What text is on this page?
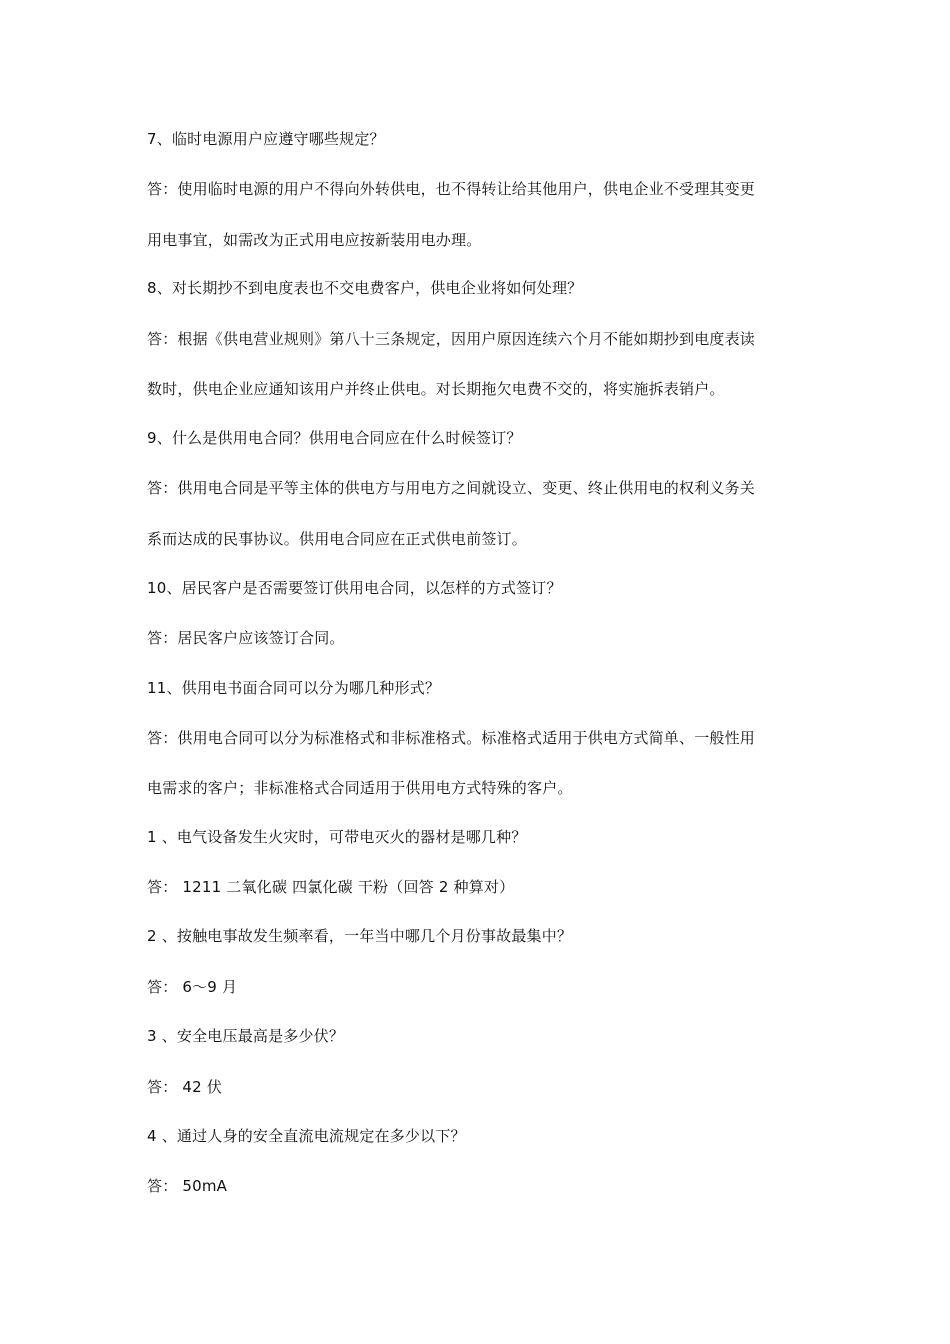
7、临时电源用户应遵守哪些规定？
答：使用临时电源的用户不得向外转供电，也不得转让给其他用户，供电企业不受理其变更
用电事宜，如需改为正式用电应按新装用电办理。
8、对长期抄不到电度表也不交电费客户，供电企业将如何处理？
答：根据《供电营业规则》第八十三条规定，因用户原因连续六个月不能如期抄到电度表读
数时，供电企业应通知该用户并终止供电。对长期拖欠电费不交的，将实施拆表销户。
9、什么是供用电合同？供用电合同应在什么时候签订？
答：供用电合同是平等主体的供电方与用电方之间就设立、变更、终止供用电的权利义务关
系而达成的民事协议。供用电合同应在正式供电前签订。
10、居民客户是否需要签订供用电合同，以怎样的方式签订？
答：居民客户应该签订合同。
11、供用电书面合同可以分为哪几种形式？
答：供用电合同可以分为标准格式和非标准格式。标准格式适用于供电方式简单、一般性用
电需求的客户；非标准格式合同适用于供用电方式特殊的客户。
1 、电气设备发生火灾时，可带电灭火的器材是哪几种？
答： 1211 二氧化碳 四氯化碳 干粉（回答 2 种算对）
2 、按触电事故发生频率看，一年当中哪几个月份事故最集中？
答： 6～9 月
3 、安全电压最高是多少伏？
答： 42 伏
4 、通过人身的安全直流电流规定在多少以下？
答： 50mA
